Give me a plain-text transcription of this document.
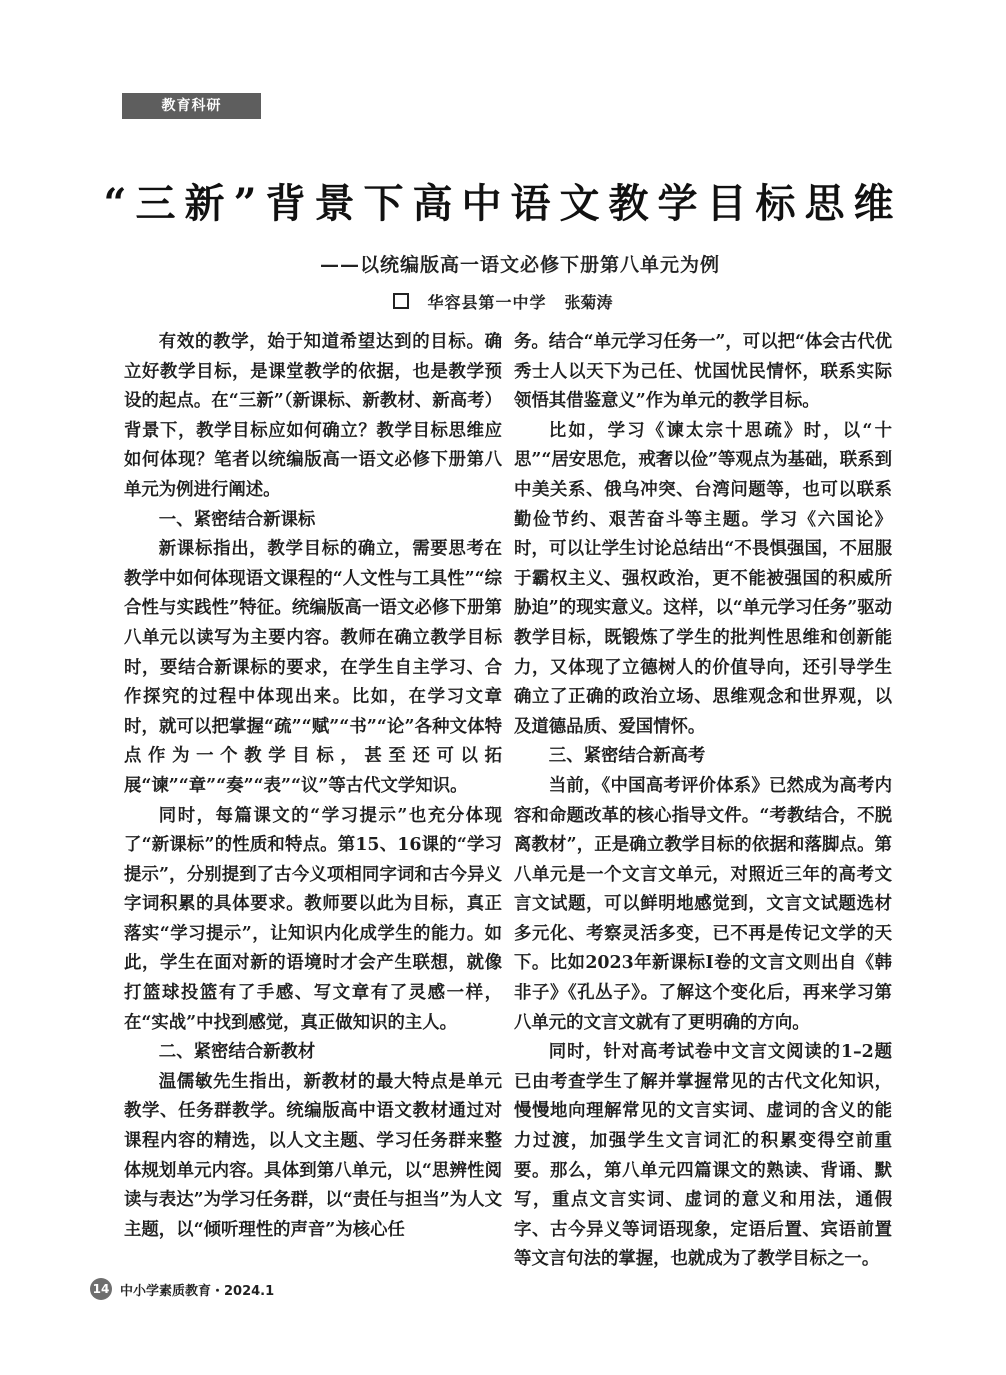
教育科研
“三新”背景下高中语文教学目标思维
——以统编版高一语文必修下册第八单元为例
华容县第一中学 张菊涛

有效的教学，始于知道希望达到的目标。确立好教学目标，是课堂教学的依据，也是教学预设的起点。在“三新”（新课标、新教材、新高考）背景下，教学目标应如何确立？教学目标思维应如何体现？笔者以统编版高一语文必修下册第八单元为例进行阐述。

一、紧密结合新课标

新课标指出，教学目标的确立，需要思考在教学中如何体现语文课程的“人文性与工具性”“综合性与实践性”特征。统编版高一语文必修下册第八单元以读写为主要内容。教师在确立教学目标时，要结合新课标的要求，在学生自主学习、合作探究的过程中体现出来。比如，在学习文章时，就可以把掌握“疏”“赋”“书”“论”各种文体特点作为一个教学目标，甚至还可以拓展“谏”“章”“奏”“表”“议”等古代文学知识。

同时，每篇课文的“学习提示”也充分体现了“新课标”的性质和特点。第15、16课的“学习提示”，分别提到了古今义项相同字词和古今异义字词积累的具体要求。教师要以此为目标，真正落实“学习提示”，让知识内化成学生的能力。如此，学生在面对新的语境时才会产生联想，就像打篮球投篮有了手感、写文章有了灵感一样，在“实战”中找到感觉，真正做知识的主人。

二、紧密结合新教材

温儒敏先生指出，新教材的最大特点是单元教学、任务群教学。统编版高中语文教材通过对课程内容的精选，以人文主题、学习任务群来整体规划单元内容。具体到第八单元，以“思辨性阅读与表达”为学习任务群，以“责任与担当”为人文主题，以“倾听理性的声音”为核心任

务。结合“单元学习任务一”，可以把“体会古代优秀士人以天下为己任、忧国忧民情怀，联系实际领悟其借鉴意义”作为单元的教学目标。

比如，学习《谏太宗十思疏》时，以“十思”“居安思危，戒奢以俭”等观点为基础，联系到中美关系、俄乌冲突、台湾问题等，也可以联系勤俭节约、艰苦奋斗等主题。学习《六国论》时，可以让学生讨论总结出“不畏惧强国，不屈服于霸权主义、强权政治，更不能被强国的积威所胁迫”的现实意义。这样，以“单元学习任务”驱动教学目标，既锻炼了学生的批判性思维和创新能力，又体现了立德树人的价值导向，还引导学生确立了正确的政治立场、思维观念和世界观，以及道德品质、爱国情怀。

三、紧密结合新高考

当前，《中国高考评价体系》已然成为高考内容和命题改革的核心指导文件。“考教结合，不脱离教材”，正是确立教学目标的依据和落脚点。第八单元是一个文言文单元，对照近三年的高考文言文试题，可以鲜明地感觉到，文言文试题选材多元化、考察灵活多变，已不再是传记文学的天下。比如2023年新课标Ⅰ卷的文言文则出自《韩非子》《孔丛子》。了解这个变化后，再来学习第八单元的文言文就有了更明确的方向。

同时，针对高考试卷中文言文阅读的1–2题已由考查学生了解并掌握常见的古代文化知识，慢慢地向理解常见的文言实词、虚词的含义的能力过渡，加强学生文言词汇的积累变得空前重要。那么，第八单元四篇课文的熟读、背诵、默写，重点文言实词、虚词的意义和用法，通假字、古今异义等词语现象，定语后置、宾语前置等文言句法的掌握，也就成为了教学目标之一。

14 中小学素质教育・2024.1
